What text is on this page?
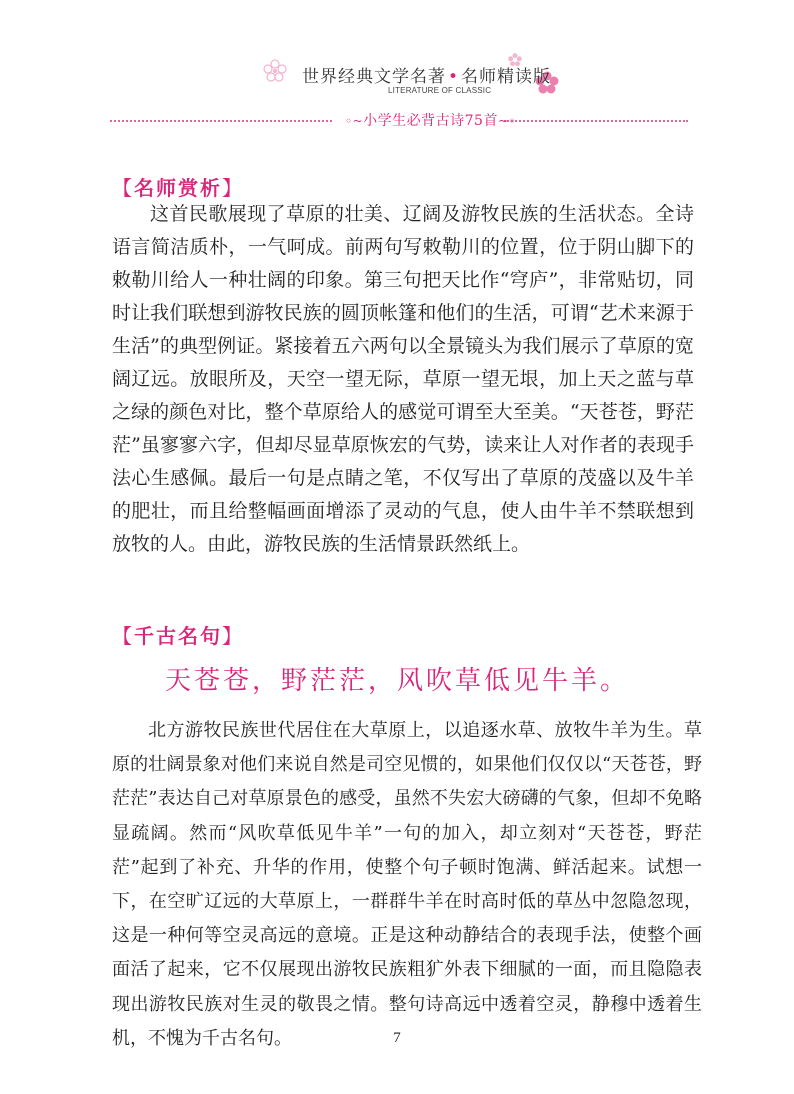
世界经典文学名著 • 名师精读版
LITERATURE OF CLASSIC
◦~小学生必背古诗75首~◦
【名师赏析】
这首民歌展现了草原的壮美、辽阔及游牧民族的生活状态。全诗语言简洁质朴，一气呵成。前两句写敕勒川的位置，位于阴山脚下的敕勒川给人一种壮阔的印象。第三句把天比作“穹庐”，非常贴切，同时让我们联想到游牧民族的圆顶帐篷和他们的生活，可谓“艺术来源于生活”的典型例证。紧接着五六两句以全景镜头为我们展示了草原的宽阔辽远。放眼所及，天空一望无际，草原一望无垠，加上天之蓝与草之绿的颜色对比，整个草原给人的感觉可谓至大至美。“天苍苍，野茫茫”虽寥寥六字，但却尽显草原恢宏的气势，读来让人对作者的表现手法心生感佩。最后一句是点睛之笔，不仅写出了草原的茂盛以及牛羊的肥壮，而且给整幅画面增添了灵动的气息，使人由牛羊不禁联想到放牧的人。由此，游牧民族的生活情景跃然纸上。
【千古名句】
天苍苍，野茫茫，风吹草低见牛羊。
北方游牧民族世代居住在大草原上，以追逐水草、放牧牛羊为生。草原的壮阔景象对他们来说自然是司空见惯的，如果他们仅仅以“天苍苍，野茫茫”表达自己对草原景色的感受，虽然不失宏大磅礴的气象，但却不免略显疏阔。然而“风吹草低见牛羊”一句的加入，却立刻对“天苍苍，野茫茫”起到了补充、升华的作用，使整个句子顿时饱满、鲜活起来。试想一下，在空旷辽远的大草原上，一群群牛羊在时高时低的草丛中忽隐忽现，这是一种何等空灵高远的意境。正是这种动静结合的表现手法，使整个画面活了起来，它不仅展现出游牧民族粗犷外表下细腻的一面，而且隐隐表现出游牧民族对生灵的敬畏之情。整句诗高远中透着空灵，静穆中透着生机，不愧为千古名句。	7
